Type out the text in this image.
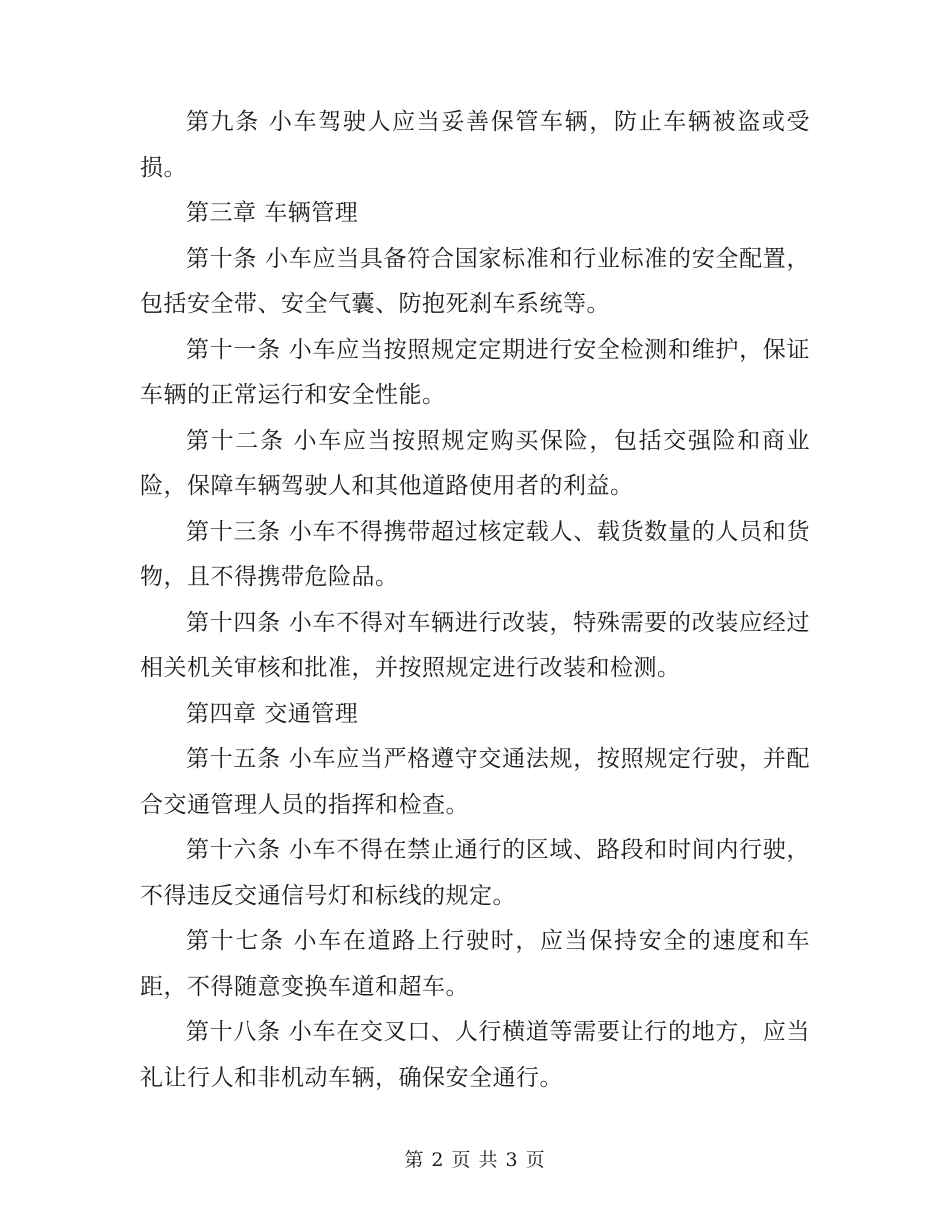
第九条 小车驾驶人应当妥善保管车辆，防止车辆被盗或受损。

第三章 车辆管理

第十条 小车应当具备符合国家标准和行业标准的安全配置，包括安全带、安全气囊、防抱死刹车系统等。

第十一条 小车应当按照规定定期进行安全检测和维护，保证车辆的正常运行和安全性能。

第十二条 小车应当按照规定购买保险，包括交强险和商业险，保障车辆驾驶人和其他道路使用者的利益。

第十三条 小车不得携带超过核定载人、载货数量的人员和货物，且不得携带危险品。

第十四条 小车不得对车辆进行改装，特殊需要的改装应经过相关机关审核和批准，并按照规定进行改装和检测。

第四章 交通管理

第十五条 小车应当严格遵守交通法规，按照规定行驶，并配合交通管理人员的指挥和检查。

第十六条 小车不得在禁止通行的区域、路段和时间内行驶，不得违反交通信号灯和标线的规定。

第十七条 小车在道路上行驶时，应当保持安全的速度和车距，不得随意变换车道和超车。

第十八条 小车在交叉口、人行横道等需要让行的地方，应当礼让行人和非机动车辆，确保安全通行。

第 2 页 共 3 页
